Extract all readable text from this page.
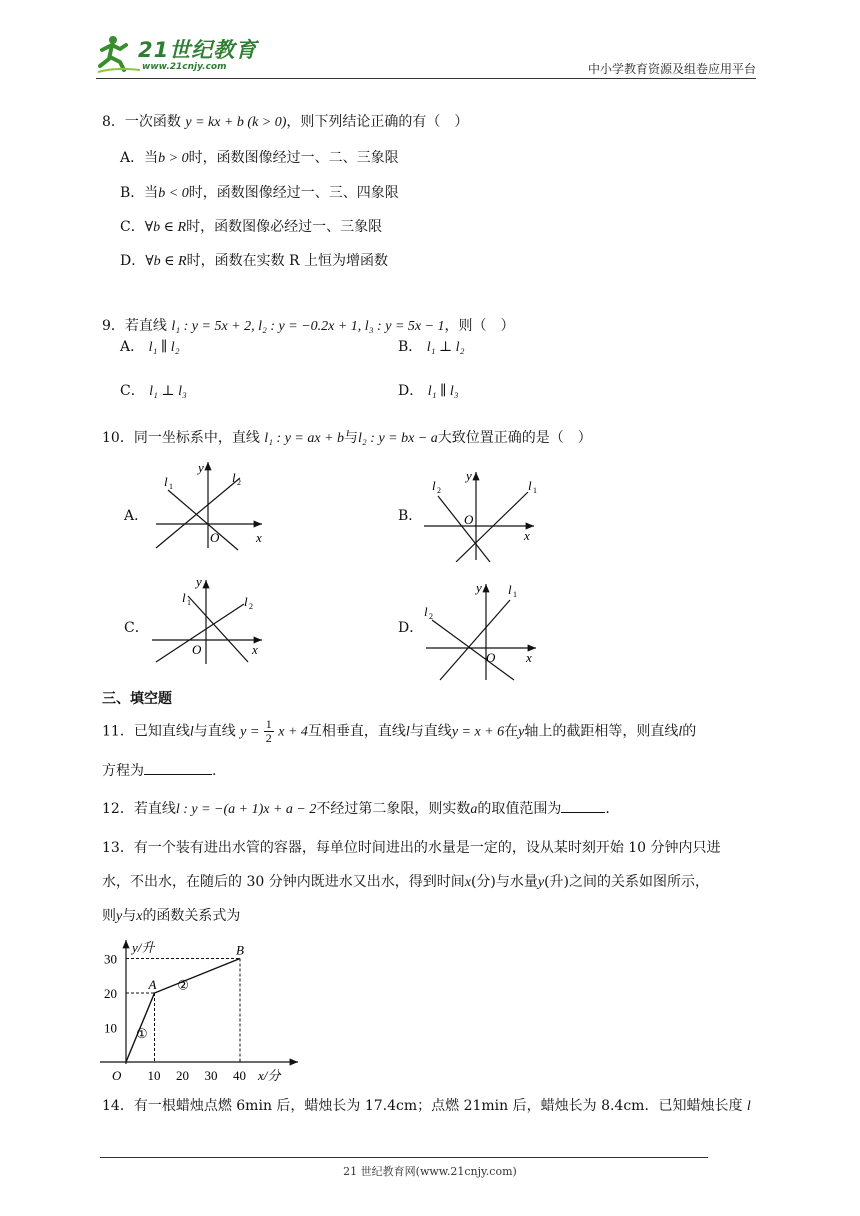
21世纪教育
www.21cnjy.com	中小学教育资源及组卷应用平台
8．一次函数 y = kx + b (k > 0)，则下列结论正确的有（　）
A．当b > 0时，函数图像经过一、二、三象限
B．当b < 0时，函数图像经过一、三、四象限
C．∀b ∈ R时，函数图像必经过一、三象限
D．∀b ∈ R时，函数在实数 R 上恒为增函数
9．若直线 l₁ : y = 5x + 2, l₂ : y = −0.2x + 1, l₃ : y = 5x − 1，则（　）
A． l₁ ∥ l₂	B． l₁ ⊥ l₂
C． l₁ ⊥ l₃	D． l₁ ∥ l₃
10．同一坐标系中，直线 l₁ : y = ax + b与l₂ : y = bx − a大致位置正确的是（　）
A．	B．
C．	D．
y
x
O
l 1
l 2	y
x
O
l 2	l 1
y
x
O
l 1	l 2
y
x
O
l 2
l 1
三、填空题
11．已知直线l与直线 $y = \frac{1}{2}$ x + 4互相垂直，直线l与直线y = x + 6在y轴上的截距相等，则直线l的
方程为	.
12．若直线l : y = −(a + 1)x + a − 2不经过第二象限，则实数a的取值范围为	.
13．有一个装有进出水管的容器，每单位时间进出的水量是一定的，设从某时刻开始 10 分钟内只进
水，不出水，在随后的 30 分钟内既进水又出水，得到时间x(分)与水量y(升)之间的关系如图所示，
则y与x的函数关系式为
y/升
x/分
O 10 20 30 40
10
20
30
A
B
①
②
14．有一根蜡烛点燃 6min 后，蜡烛长为 17.4cm；点燃 21min 后，蜡烛长为 8.4cm．已知蜡烛长度 l
21 世纪教育网(www.21cnjy.com)
